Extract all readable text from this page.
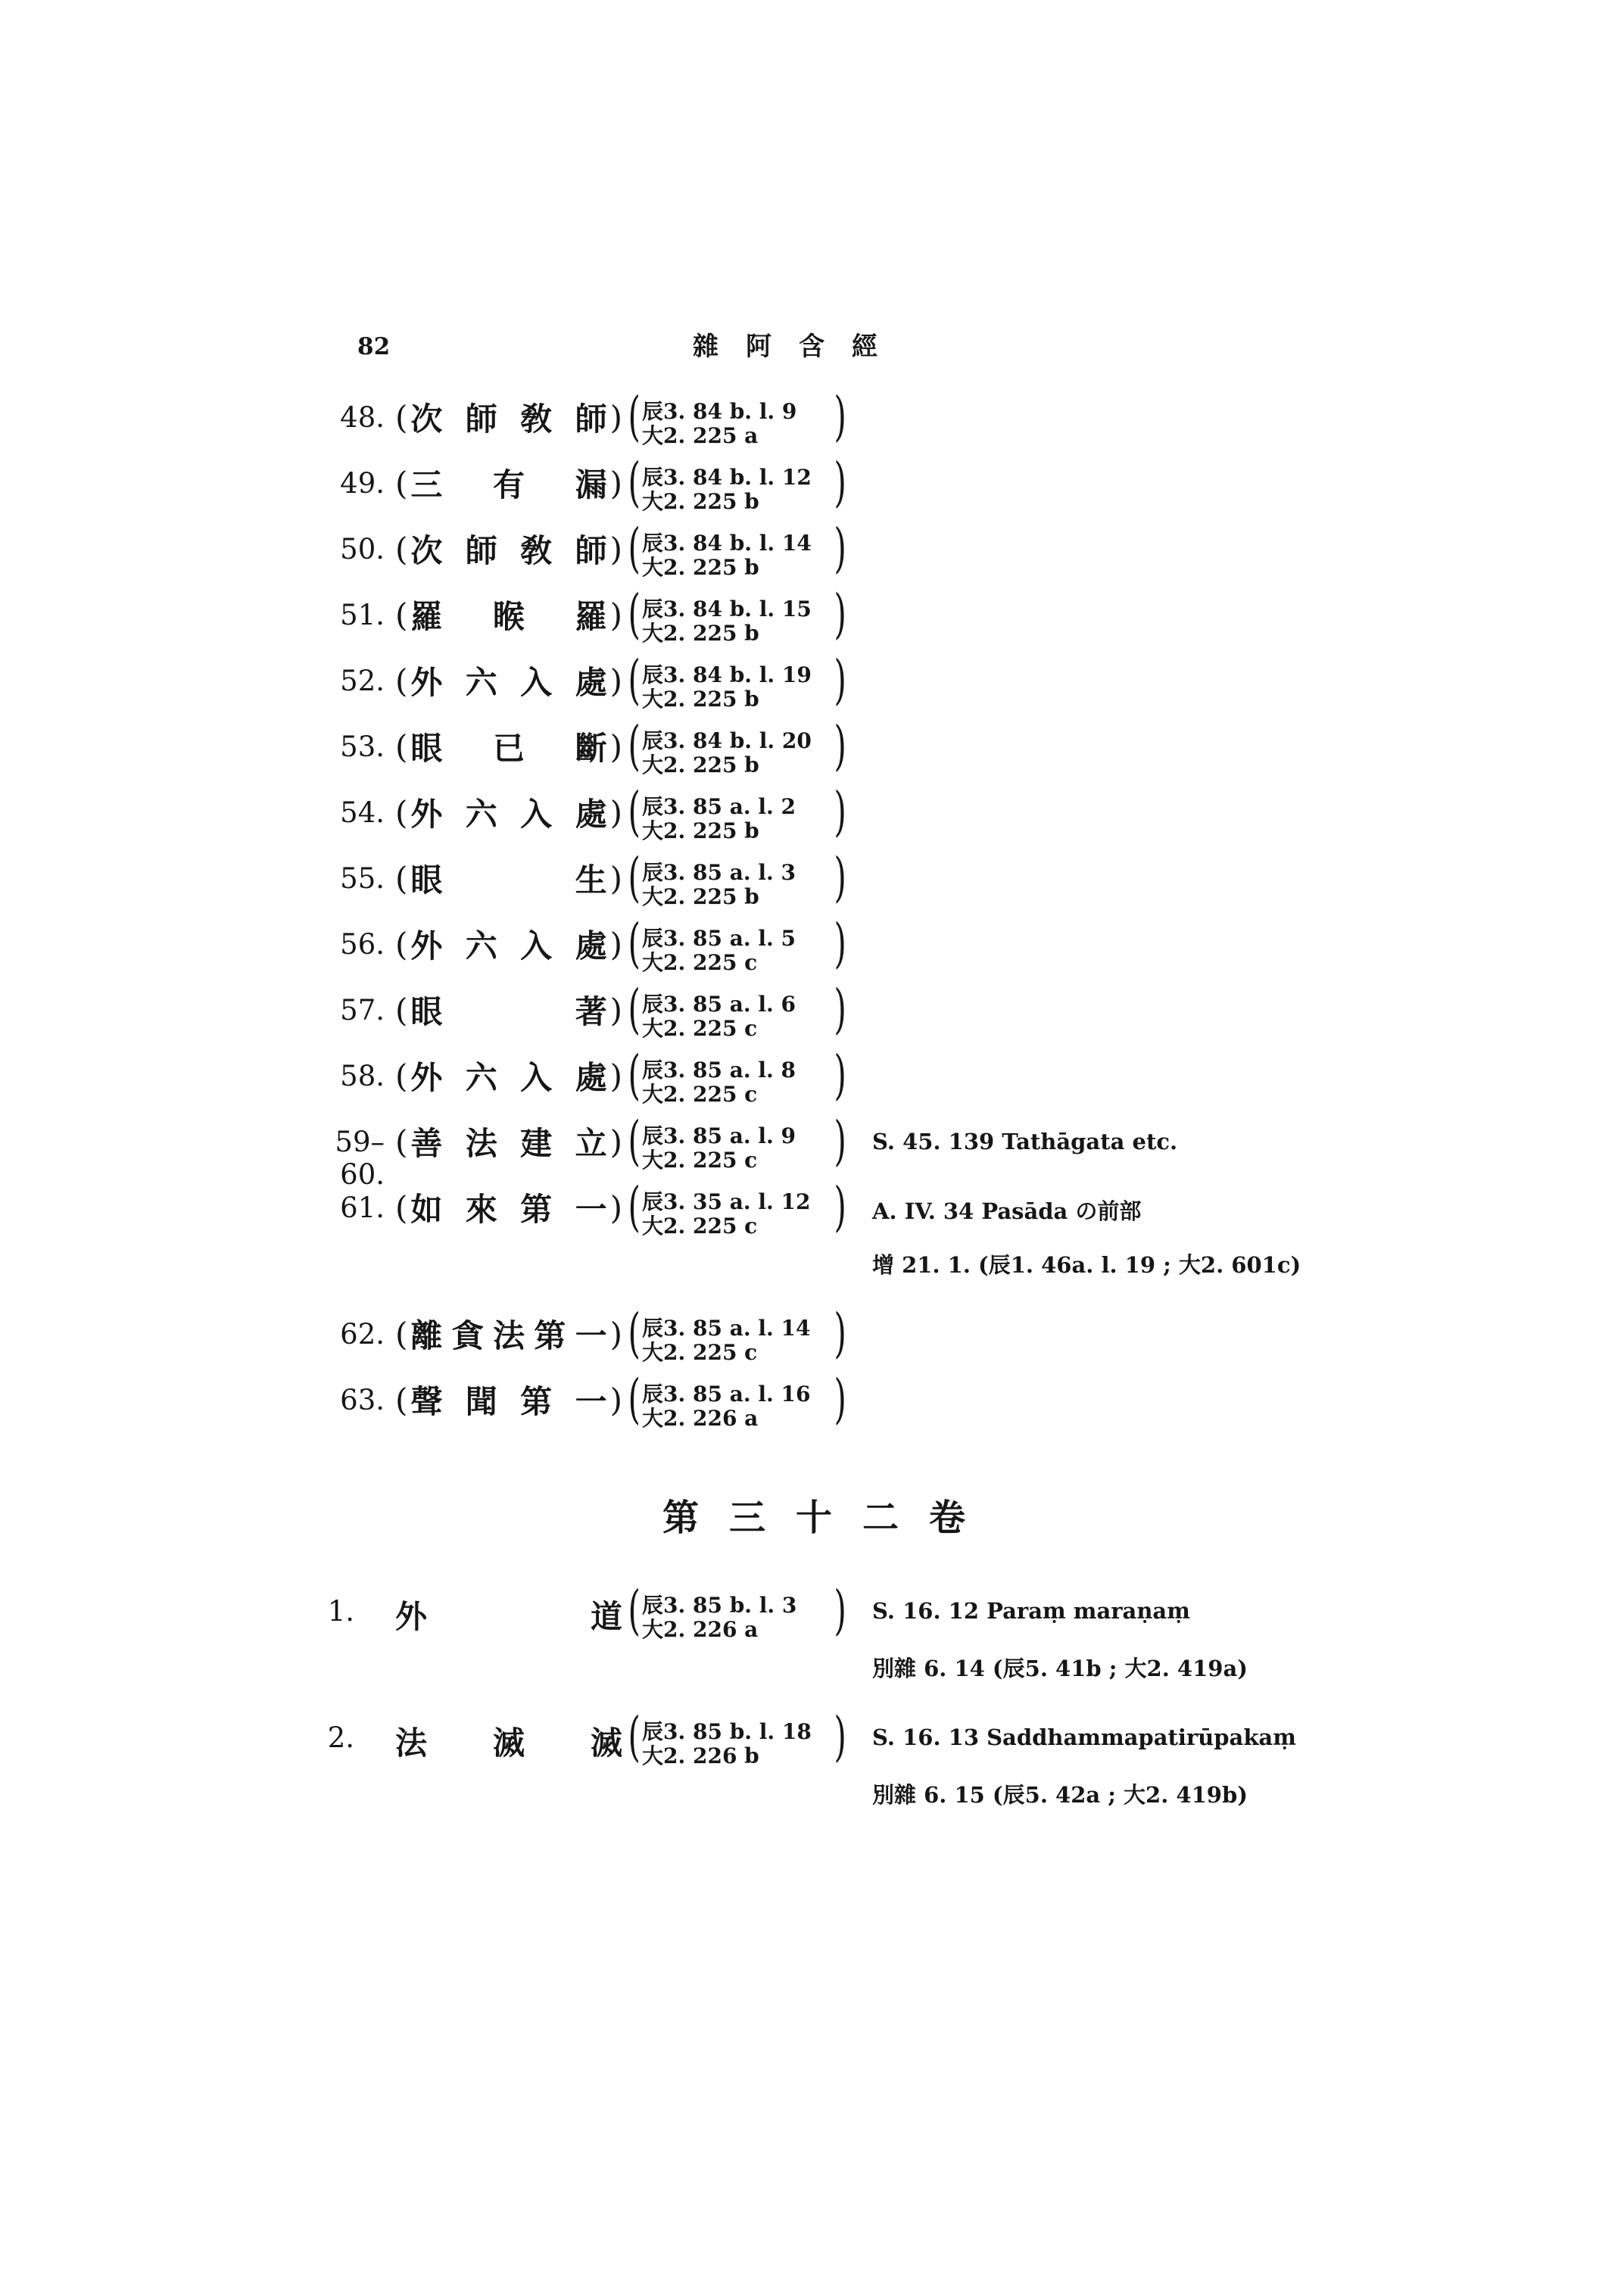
82	雜阿含經
48. ( 次 師 敎 師 ) ( 辰3. 84 b. l. 9
大2. 225 a )
49. ( 三 有 漏 ) ( 辰3. 84 b. l. 12
大2. 225 b )
50. ( 次 師 敎 師 ) ( 辰3. 84 b. l. 14
大2. 225 b )
51. ( 羅 睺 羅 ) ( 辰3. 84 b. l. 15
大2. 225 b )
52. ( 外 六 入 處 ) ( 辰3. 84 b. l. 19
大2. 225 b )
53. ( 眼 已 斷 ) ( 辰3. 84 b. l. 20
大2. 225 b )
54. ( 外 六 入 處 ) ( 辰3. 85 a. l. 2
大2. 225 b )
55. ( 眼	生 ) ( 辰3. 85 a. l. 3
大2. 225 b )
56. ( 外 六 入 處 ) ( 辰3. 85 a. l. 5
大2. 225 c )
57. ( 眼	著 ) ( 辰3. 85 a. l. 6
大2. 225 c )
58. ( 外 六 入 處 ) ( 辰3. 85 a. l. 8
大2. 225 c )
59–60.
( 善 法 建 立 ) ( 辰3. 85 a. l. 9
大2. 225 c ) S. 45. 139 Tathāgata etc.
61. ( 如 來 第 一 ) ( 辰3. 35 a. l. 12
大2. 225 c ) A. IV. 34 Pasāda の前部
增 21. 1. (辰1. 46a. l. 19 ; 大2. 601c)
62. ( 離 貪 法 第 一 ) ( 辰3. 85 a. l. 14
大2. 225 c )
63. ( 聲 聞 第 一 ) ( 辰3. 85 a. l. 16
大2. 226 a )
第三十二卷
1. 外	道 ( 辰3. 85 b. l. 3
大2. 226 a ) S. 16. 12 Paraṃ maraṇaṃ
別雜 6. 14 (辰5. 41b ; 大2. 419a)
2. 法 滅 滅 ( 辰3. 85 b. l. 18
大2. 226 b ) S. 16. 13 Saddhammapatirūpakaṃ
別雜 6. 15 (辰5. 42a ; 大2. 419b)
